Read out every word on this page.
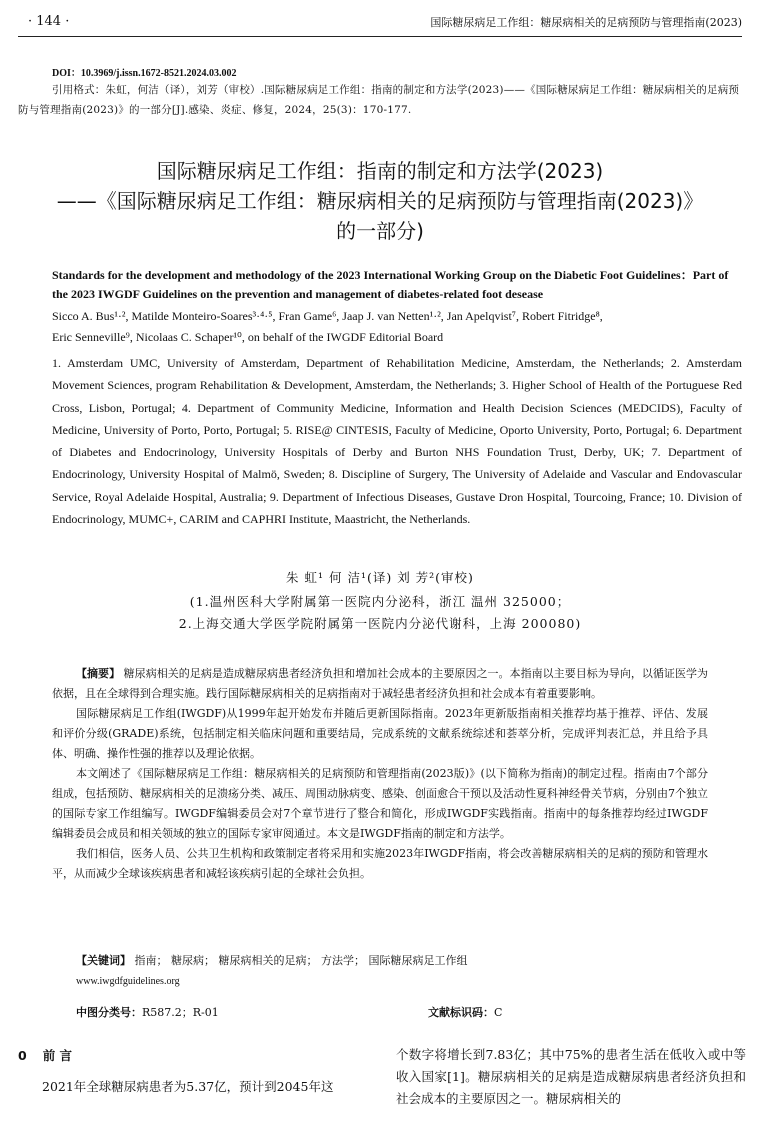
· 144 ·	国际糖尿病足工作组：糖尿病相关的足病预防与管理指南(2023)
DOI：10.3969/j.issn.1672-8521.2024.03.002
引用格式：朱虹，何洁（译），刘芳（审校）.国际糖尿病足工作组：指南的制定和方法学(2023)——《国际糖尿病足工作组：糖尿病相关的足病预防与管理指南(2023)》的一部分[J].感染、炎症、修复，2024，25(3)：170-177.
国际糖尿病足工作组：指南的制定和方法学(2023)
——《国际糖尿病足工作组：糖尿病相关的足病预防与管理指南(2023)》
的一部分)
Standards for the development and methodology of the 2023 International Working Group on the Diabetic Foot Guidelines：Part of the 2023 IWGDF Guidelines on the prevention and management of diabetes-related foot desease
Sicco A. Bus¹·², Matilde Monteiro-Soares³·⁴·⁵, Fran Game⁶, Jaap J. van Netten¹·², Jan Apelqvist⁷, Robert Fitridge⁸,
Eric Senneville⁹, Nicolaas C. Schaper¹⁰, on behalf of the IWGDF Editorial Board
1. Amsterdam UMC, University of Amsterdam, Department of Rehabilitation Medicine, Amsterdam, the Netherlands; 2. Amsterdam Movement Sciences, program Rehabilitation & Development, Amsterdam, the Netherlands; 3. Higher School of Health of the Portuguese Red Cross, Lisbon, Portugal; 4. Department of Community Medicine, Information and Health Decision Sciences (MEDCIDS), Faculty of Medicine, University of Porto, Porto, Portugal; 5. RISE@ CINTESIS, Faculty of Medicine, Oporto University, Porto, Portugal; 6. Department of Diabetes and Endocrinology, University Hospitals of Derby and Burton NHS Foundation Trust, Derby, UK; 7. Department of Endocrinology, University Hospital of Malmö, Sweden; 8. Discipline of Surgery, The University of Adelaide and Vascular and Endovascular Service, Royal Adelaide Hospital, Australia; 9. Department of Infectious Diseases, Gustave Dron Hospital, Tourcoing, France; 10. Division of Endocrinology, MUMC+, CARIM and CAPHRI Institute, Maastricht, the Netherlands.
朱 虹¹ 何 洁¹(译) 刘 芳²(审校)
(1.温州医科大学附属第一医院内分泌科，浙江 温州 325000；
2.上海交通大学医学院附属第一医院内分泌代谢科，上海 200080)

【摘要】 糖尿病相关的足病是造成糖尿病患者经济负担和增加社会成本的主要原因之一。本指南以主要目标为导向，以循证医学为依据，且在全球得到合理实施。践行国际糖尿病相关的足病指南对于减轻患者经济负担和社会成本有着重要影响。

国际糖尿病足工作组(IWGDF)从1999年起开始发布并随后更新国际指南。2023年更新版指南相关推荐均基于推荐、评估、发展和评价分级(GRADE)系统，包括制定相关临床问题和重要结局，完成系统的文献系统综述和荟萃分析，完成评判表汇总，并且给予具体、明确、操作性强的推荐以及理论依据。

本文阐述了《国际糖尿病足工作组：糖尿病相关的足病预防和管理指南(2023版)》(以下简称为指南)的制定过程。指南由7个部分组成，包括预防、糖尿病相关的足溃疡分类、减压、周围动脉病变、感染、创面愈合干预以及活动性夏科神经骨关节病，分别由7个独立的国际专家工作组编写。IWGDF编辑委员会对7个章节进行了整合和简化，形成IWGDF实践指南。指南中的每条推荐均经过IWGDF编辑委员会成员和相关领域的独立的国际专家审阅通过。本文是IWGDF指南的制定和方法学。

我们相信，医务人员、公共卫生机构和政策制定者将采用和实施2023年IWGDF指南，将会改善糖尿病相关的足病的预防和管理水平，从而减少全球该疾病患者和减轻该疾病引起的全球社会负担。

【关键词】 指南； 糖尿病； 糖尿病相关的足病； 方法学； 国际糖尿病足工作组
www.iwgdfguidelines.org
中图分类号：R587.2；R-01	文献标识码：C
0 前 言
2021年全球糖尿病患者为5.37亿，预计到2045年这
个数字将增长到7.83亿；其中75%的患者生活在低收入或中等收入国家[1]。糖尿病相关的足病是造成糖尿病患者经济负担和社会成本的主要原因之一。糖尿病相关的
